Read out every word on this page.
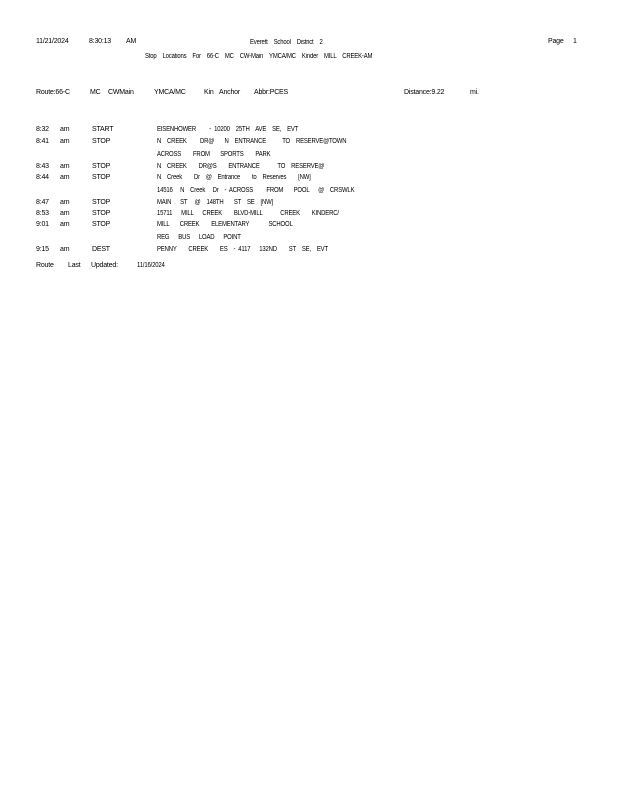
11/21/2024	8:30:13 AM	Everett    School    District    2	Page 1
Stop    Locations    For    66-C    MC    CW-Main    YMCA/MC    Kinder    MILL    CREEK-AM
Route:66-C	MC CWMain	YMCA/MC	Kin Anchor Abbr:PCES	Distance:9.22	mi.
8:32 am	START	EISENHOWER         -  10200    25TH    AVE    SE,    EVT
8:41 am	STOP	N    CREEK         DR@       N    ENTRANCE           TO    RESERVE@TOWN
ACROSS        FROM       SPORTS        PARK
8:43 am	STOP	N    CREEK        DR@S        ENTRANCE            TO    RESERVE@
8:44 am	STOP	N    Creek        Dr    @    Entrance        to    Reserves        [NW]
14516     N    Creek     Dr    -  ACROSS         FROM       POOL      @    CRSWLK
8:47 am	STOP	MAIN      ST     @    148TH       ST    SE    [NW]
8:53 am	STOP	15711      MILL      CREEK        BLVD-MILL            CREEK        KINDERC/
9:01 am	STOP	MILL       CREEK        ELEMENTARY             SCHOOL
REG      BUS      LOAD      POINT
9:15 am	DEST	PENNY        CREEK        ES    -  4117      132ND        ST    SE,    EVT
Route Last Updated:	11/16/2024
